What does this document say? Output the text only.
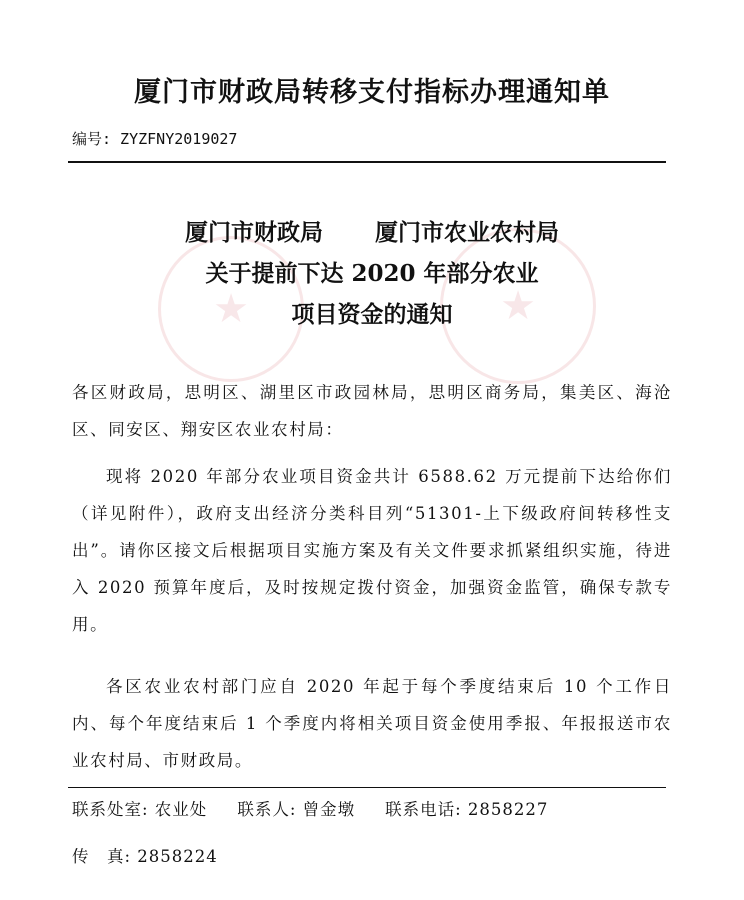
★	★
厦门市财政局转移支付指标办理通知单
编号: ZYZFNY2019027
厦门市财政局 厦门市农业农村局
关于提前下达 2020 年部分农业
项目资金的通知
各区财政局，思明区、湖里区市政园林局，思明区商务局，集美区、海沧区、同安区、翔安区农业农村局：
现将 2020 年部分农业项目资金共计 6588.62 万元提前下达给你们（详见附件），政府支出经济分类科目列“51301-上下级政府间转移性支出”。请你区接文后根据项目实施方案及有关文件要求抓紧组织实施，待进入 2020 预算年度后，及时按规定拨付资金，加强资金监管，确保专款专用。
各区农业农村部门应自 2020 年起于每个季度结束后 10 个工作日内、每个年度结束后 1 个季度内将相关项目资金使用季报、年报报送市农业农村局、市财政局。
联系处室: 农业处 联系人: 曾金墩 联系电话: 2858227
传　真: 2858224
